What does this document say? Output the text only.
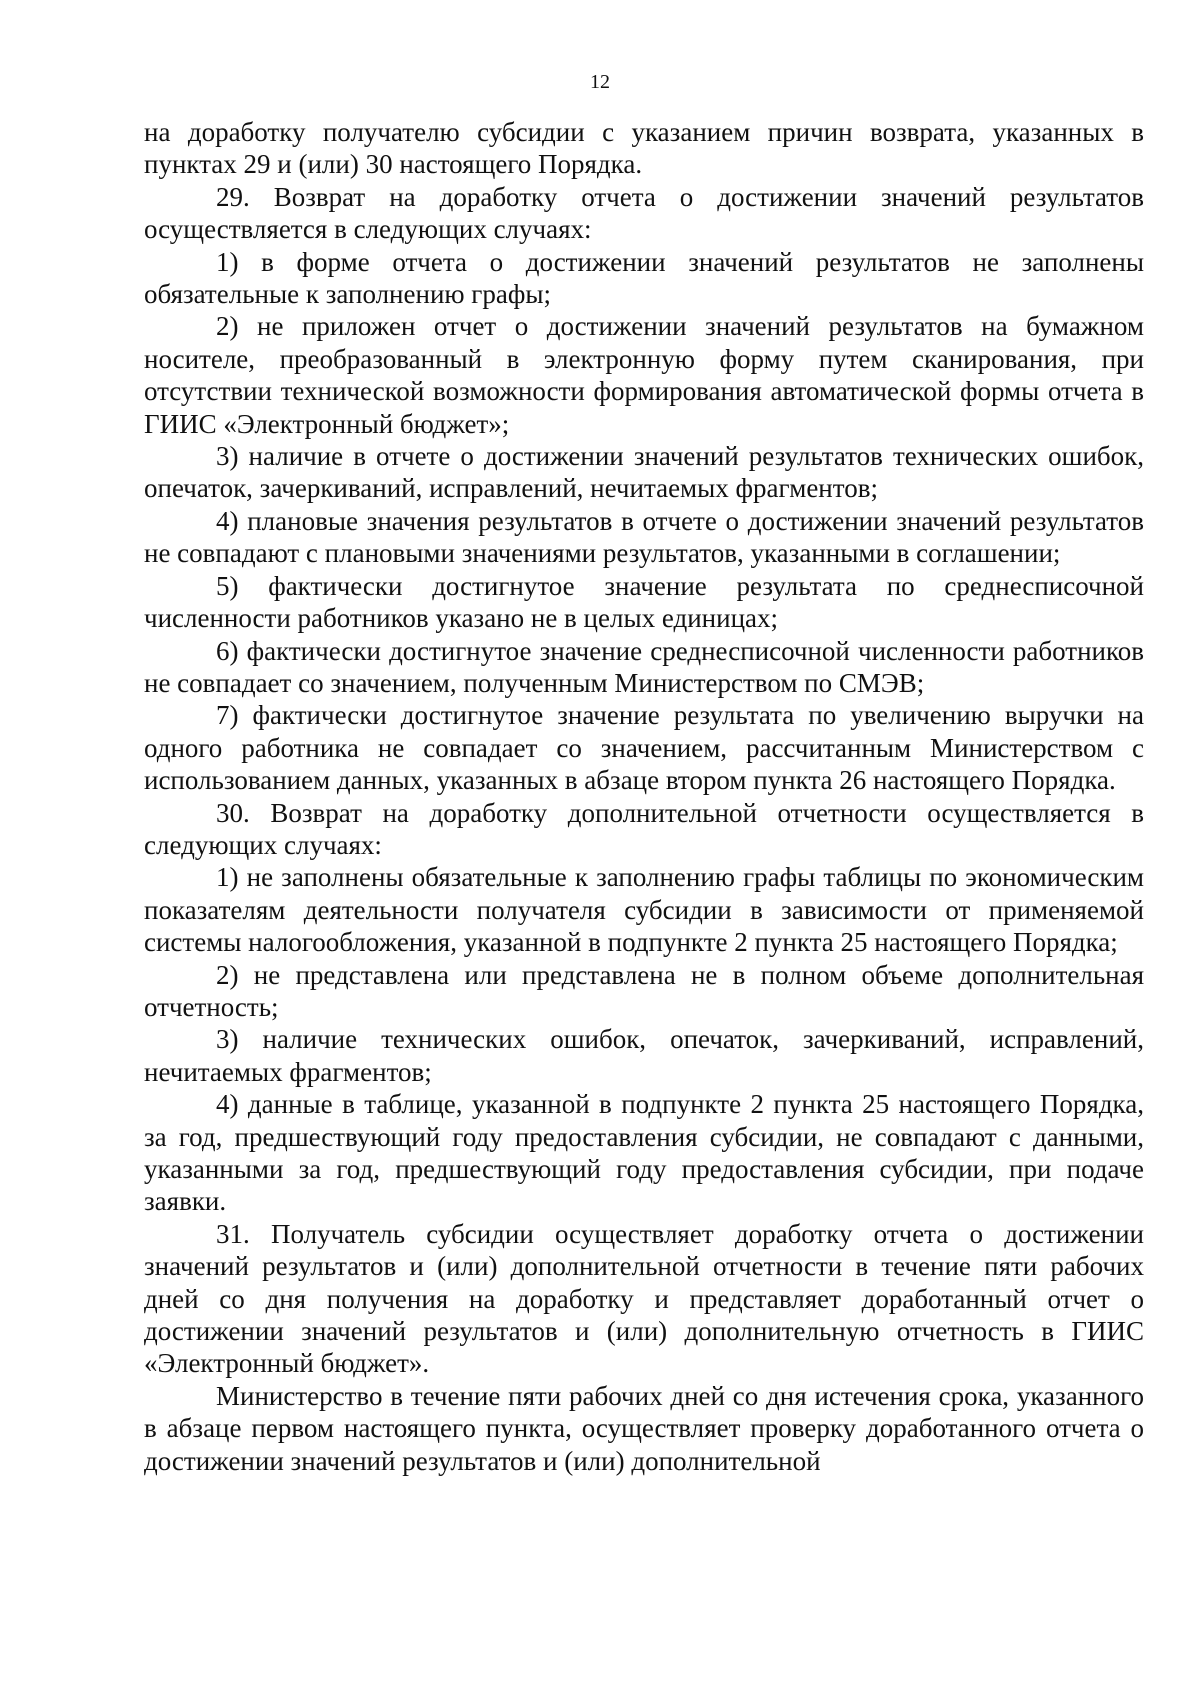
12

на доработку получателю субсидии с указанием причин возврата, указанных в пунктах 29 и (или) 30 настоящего Порядка.

29. Возврат на доработку отчета о достижении значений результатов осуществляется в следующих случаях:

1) в форме отчета о достижении значений результатов не заполнены обязательные к заполнению графы;

2) не приложен отчет о достижении значений результатов на бумажном носителе, преобразованный в электронную форму путем сканирования, при отсутствии технической возможности формирования автоматической формы отчета в ГИИС «Электронный бюджет»;

3) наличие в отчете о достижении значений результатов технических ошибок, опечаток, зачеркиваний, исправлений, нечитаемых фрагментов;

4) плановые значения результатов в отчете о достижении значений результатов не совпадают с плановыми значениями результатов, указанными в соглашении;

5) фактически достигнутое значение результата по среднесписочной численности работников указано не в целых единицах;

6) фактически достигнутое значение среднесписочной численности работников не совпадает со значением, полученным Министерством по СМЭВ;

7) фактически достигнутое значение результата по увеличению выручки на одного работника не совпадает со значением, рассчитанным Министерством с использованием данных, указанных в абзаце втором пункта 26 настоящего Порядка.

30. Возврат на доработку дополнительной отчетности осуществляется в следующих случаях:

1) не заполнены обязательные к заполнению графы таблицы по экономическим показателям деятельности получателя субсидии в зависимости от применяемой системы налогообложения, указанной в подпункте 2 пункта 25 настоящего Порядка;

2) не представлена или представлена не в полном объеме дополнительная отчетность;

3) наличие технических ошибок, опечаток, зачеркиваний, исправлений, нечитаемых фрагментов;

4) данные в таблице, указанной в подпункте 2 пункта 25 настоящего Порядка, за год, предшествующий году предоставления субсидии, не совпадают с данными, указанными за год, предшествующий году предоставления субсидии, при подаче заявки.

31. Получатель субсидии осуществляет доработку отчета о достижении значений результатов и (или) дополнительной отчетности в течение пяти рабочих дней со дня получения на доработку и представляет доработанный отчет о достижении значений результатов и (или) дополнительную отчетность в ГИИС «Электронный бюджет».

Министерство в течение пяти рабочих дней со дня истечения срока, указанного в абзаце первом настоящего пункта, осуществляет проверку доработанного отчета о достижении значений результатов и (или) дополнительной
